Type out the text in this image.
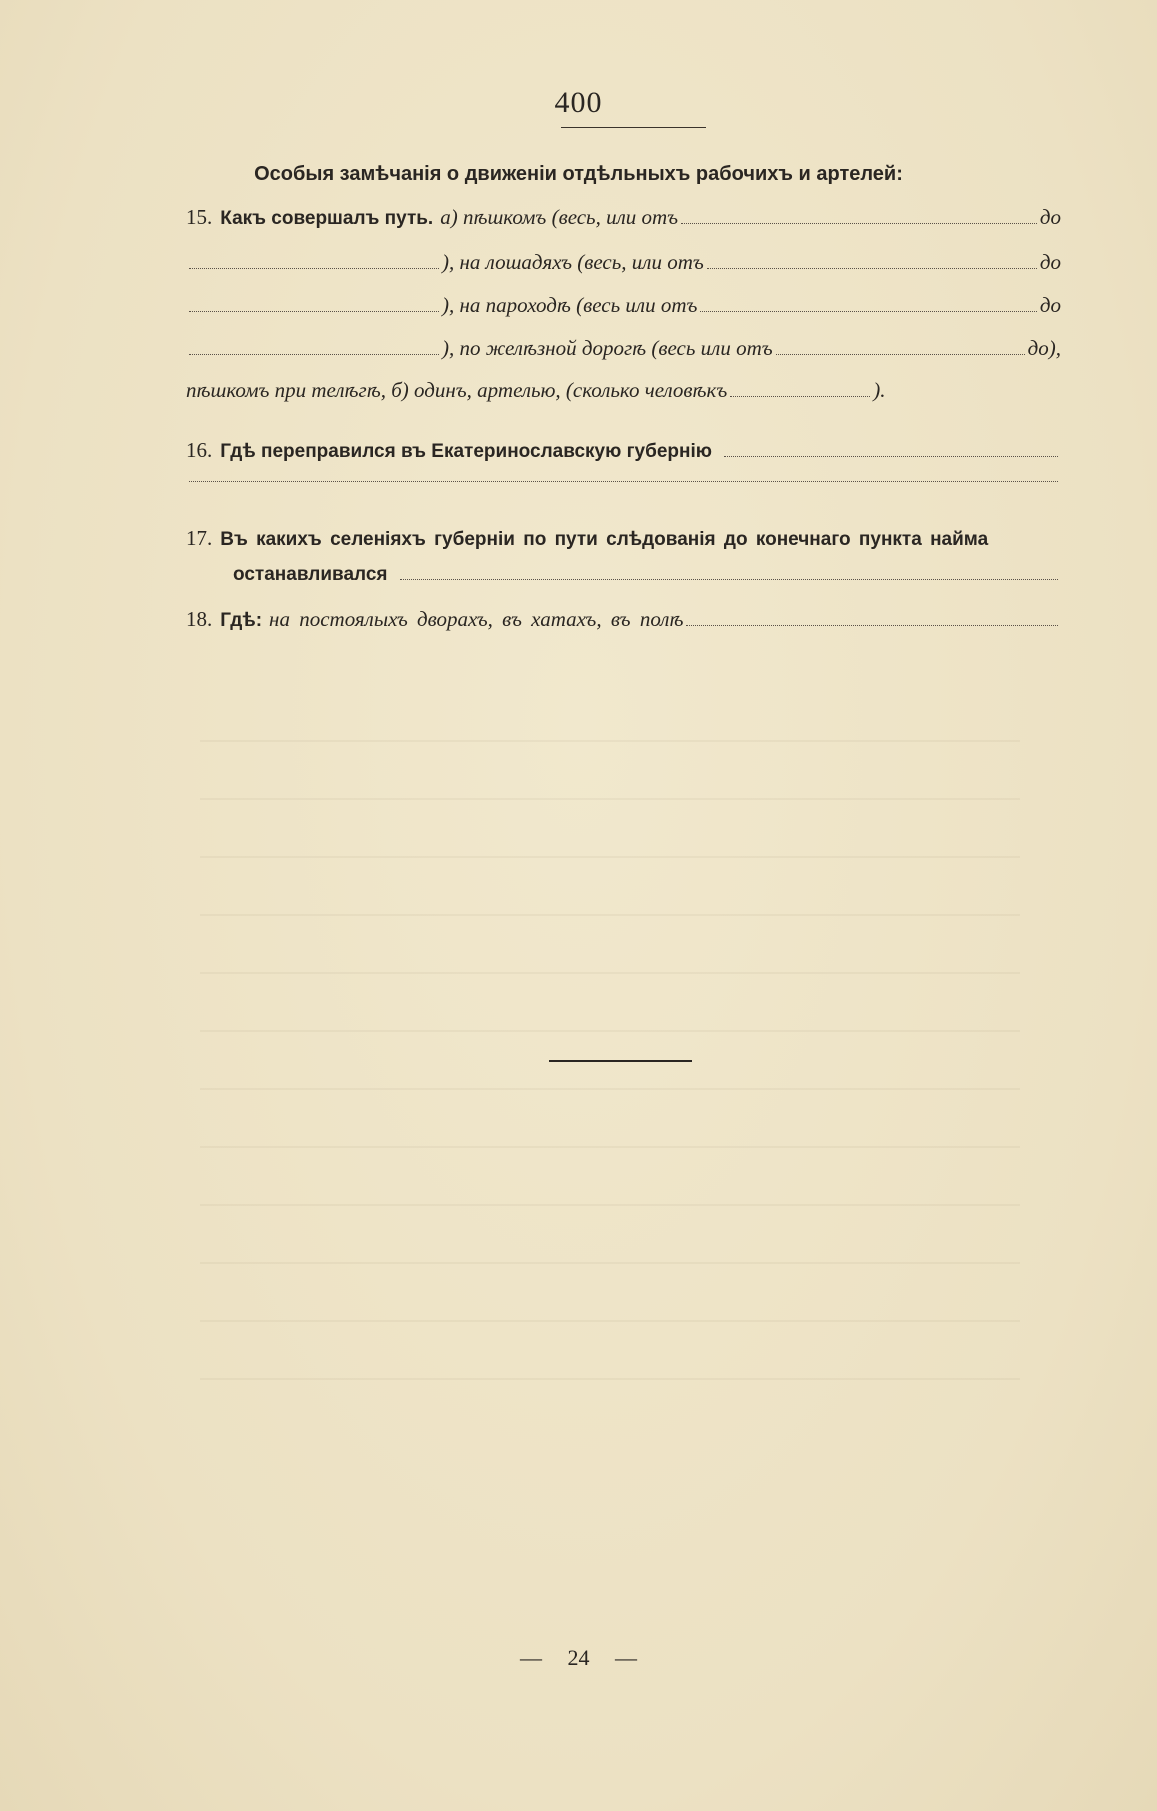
400
Особыя замѣчанія о движеніи отдѣльныхъ рабочихъ и артелей:
15. Какъ совершалъ путь. а) пѣшкомъ (весь, или отъ	до
), на лошадяхъ (весь, или отъ	до
), на пароходѣ (весь или отъ	до
), по желѣзной дорогѣ (весь или отъ	до),
пѣшкомъ при телѣгѣ, б) одинъ, артелью, (сколько человѣкъ	).
16. Гдѣ переправился въ Екатеринославскую губернію
17. Въ какихъ селеніяхъ губерніи по пути слѣдованія до конечнаго пункта найма
останавливался
18. Гдѣ: на постоялыхъ дворахъ, въ хатахъ, въ полѣ
— 24 —
